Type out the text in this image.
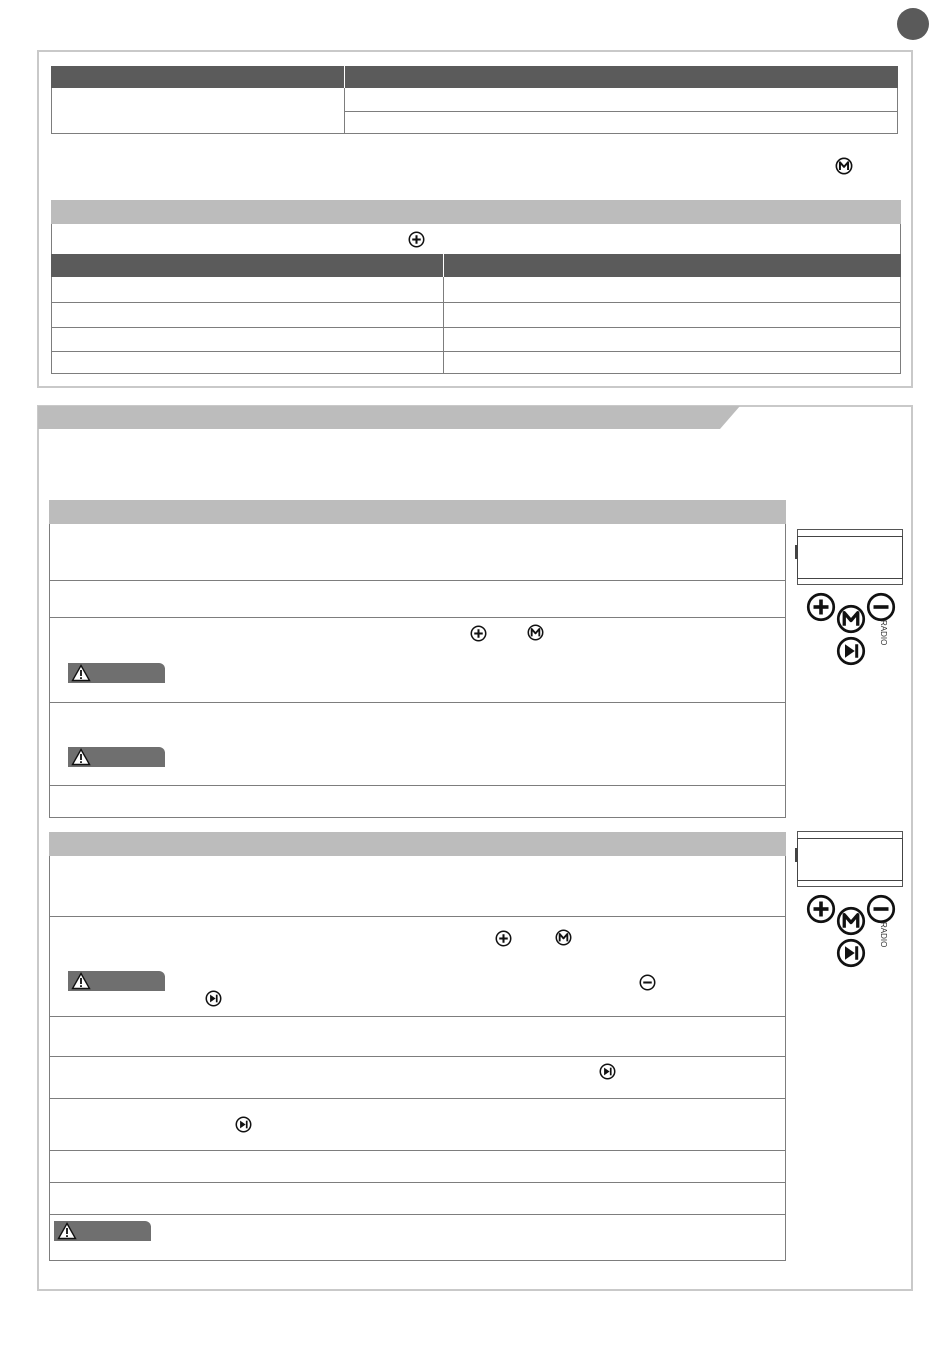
RADIO
RADIO
